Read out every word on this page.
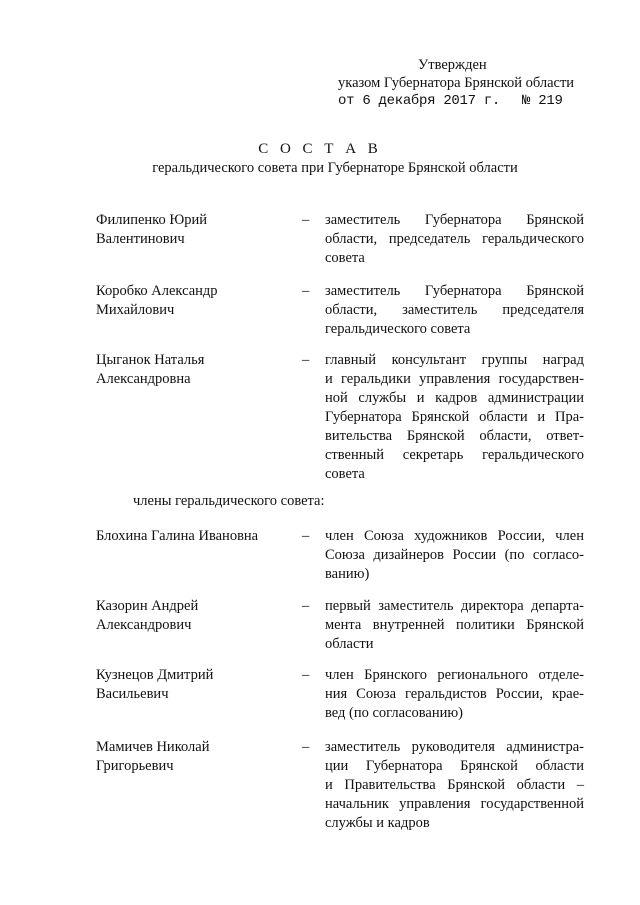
Утвержден
указом Губернатора Брянской области
от 6 декабря 2017 г. № 219
С О С Т А В
геральдического совета при Губернаторе Брянской области
Филипенко Юрий
Валентинович
– заместитель Губернатора Брянской
области, председатель геральдического
совета
Коробко Александр
Михайлович
– заместитель Губернатора Брянской
области, заместитель председателя
геральдического совета
Цыганок Наталья
Александровна
– главный консультант группы наград
и геральдики управления государствен-
ной службы и кадров администрации
Губернатора Брянской области и Пра-
вительства Брянской области, ответ-
ственный секретарь геральдического
совета
члены геральдического совета:
Блохина Галина Ивановна	– член Союза художников России, член
Союза дизайнеров России (по согласо-
ванию)
Казорин Андрей
Александрович
– первый заместитель директора департа-
мента внутренней политики Брянской
области
Кузнецов Дмитрий
Васильевич
– член Брянского регионального отделе-
ния Союза геральдистов России, крае-
вед (по согласованию)
Мамичев Николай
Григорьевич
– заместитель руководителя администра-
ции Губернатора Брянской области
и Правительства Брянской области –
начальник управления государственной
службы и кадров
